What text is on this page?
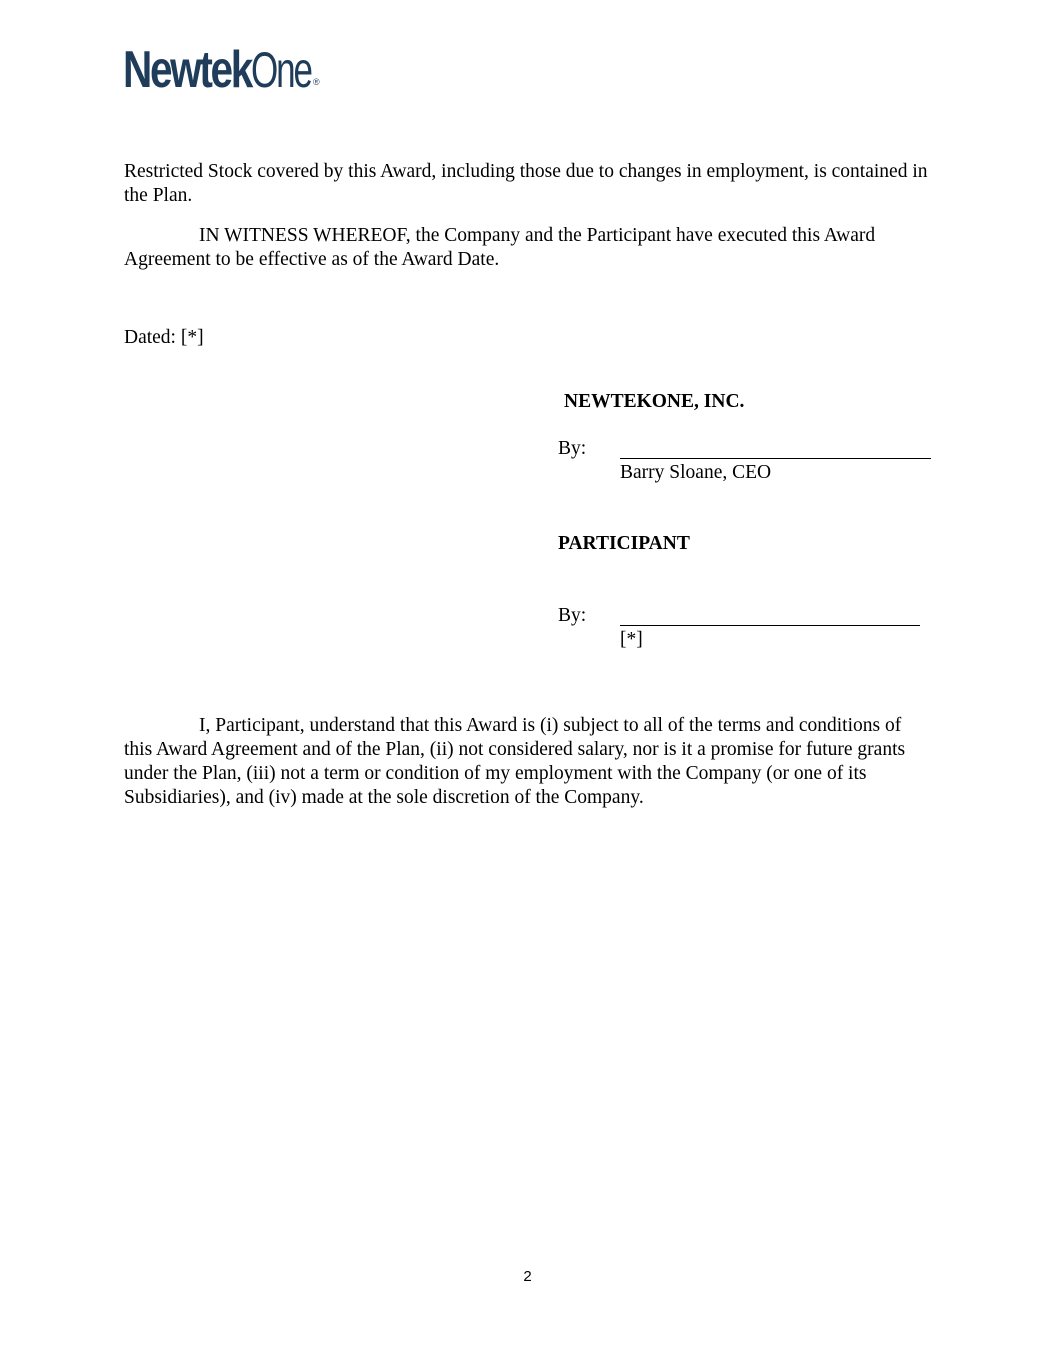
NewtekOne ®

Restricted Stock covered by this Award, including those due to changes in employment, is contained in the Plan.

IN WITNESS WHEREOF, the Company and the Participant have executed this Award Agreement to be effective as of the Award Date.

Dated: [*]
NEWTEKONE, INC.
By:
Barry Sloane, CEO
PARTICIPANT
By:
[*]

I, Participant, understand that this Award is (i) subject to all of the terms and conditions of this Award Agreement and of the Plan, (ii) not considered salary, nor is it a promise for future grants under the Plan, (iii) not a term or condition of my employment with the Company (or one of its Subsidiaries), and (iv) made at the sole discretion of the Company.

2
